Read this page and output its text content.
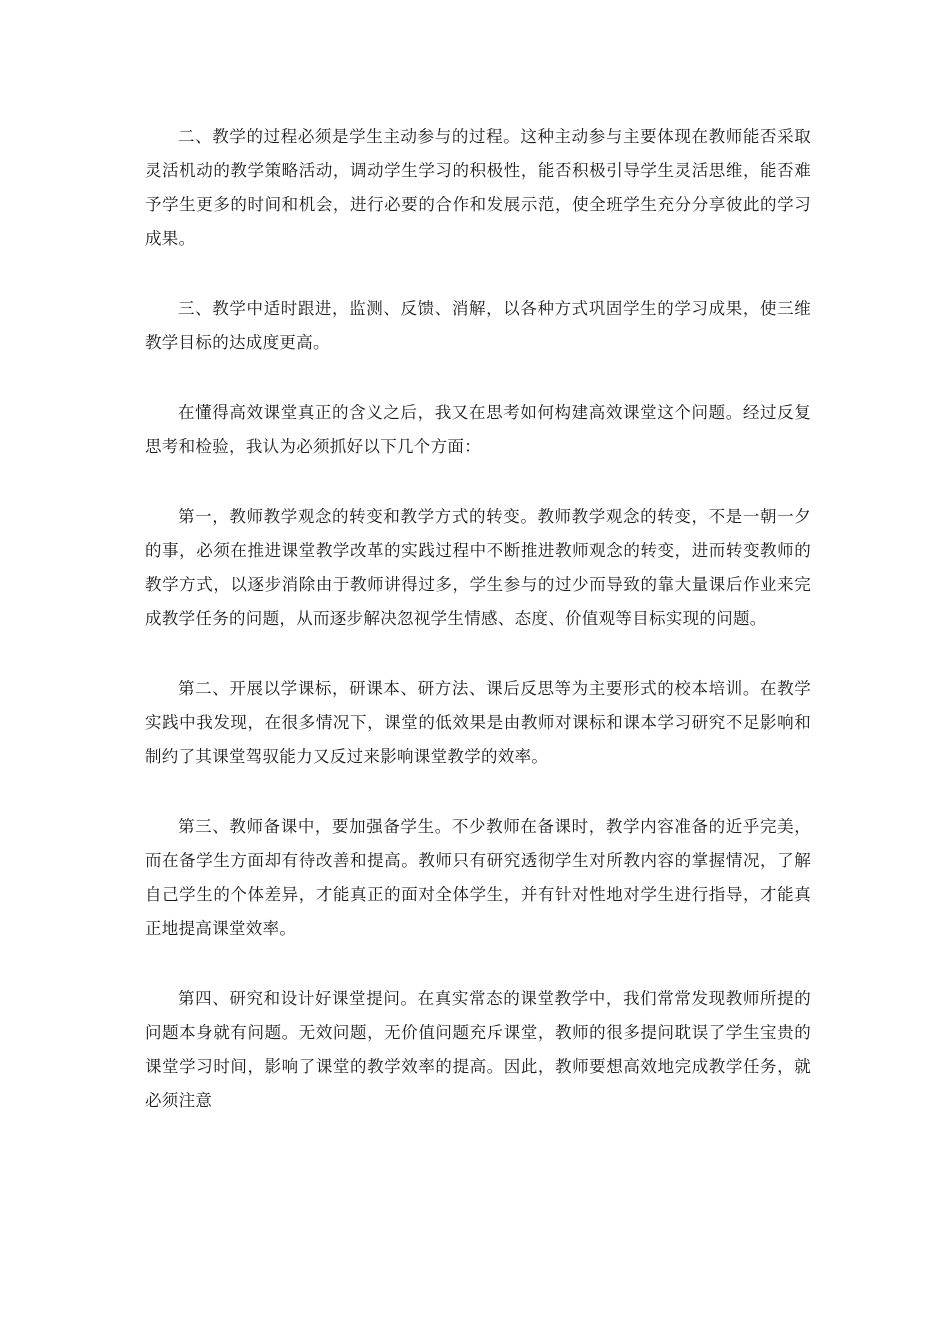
二、教学的过程必须是学生主动参与的过程。这种主动参与主要体现在教师能否采取灵活机动的教学策略活动，调动学生学习的积极性，能否积极引导学生灵活思维，能否难予学生更多的时间和机会，进行必要的合作和发展示范，使全班学生充分分享彼此的学习成果。

三、教学中适时跟进，监测、反馈、消解，以各种方式巩固学生的学习成果，使三维教学目标的达成度更高。

在懂得高效课堂真正的含义之后，我又在思考如何构建高效课堂这个问题。经过反复思考和检验，我认为必须抓好以下几个方面：

第一，教师教学观念的转变和教学方式的转变。教师教学观念的转变，不是一朝一夕的事，必须在推进课堂教学改革的实践过程中不断推进教师观念的转变，进而转变教师的教学方式，以逐步消除由于教师讲得过多，学生参与的过少而导致的靠大量课后作业来完成教学任务的问题，从而逐步解决忽视学生情感、态度、价值观等目标实现的问题。

第二、开展以学课标，研课本、研方法、课后反思等为主要形式的校本培训。在教学实践中我发现，在很多情况下，课堂的低效果是由教师对课标和课本学习研究不足影响和制约了其课堂驾驭能力又反过来影响课堂教学的效率。

第三、教师备课中，要加强备学生。不少教师在备课时，教学内容准备的近乎完美，而在备学生方面却有待改善和提高。教师只有研究透彻学生对所教内容的掌握情况，了解自己学生的个体差异，才能真正的面对全体学生，并有针对性地对学生进行指导，才能真正地提高课堂效率。

第四、研究和设计好课堂提问。在真实常态的课堂教学中，我们常常发现教师所提的问题本身就有问题。无效问题，无价值问题充斥课堂，教师的很多提问耽误了学生宝贵的课堂学习时间，影响了课堂的教学效率的提高。因此，教师要想高效地完成教学任务，就必须注意
